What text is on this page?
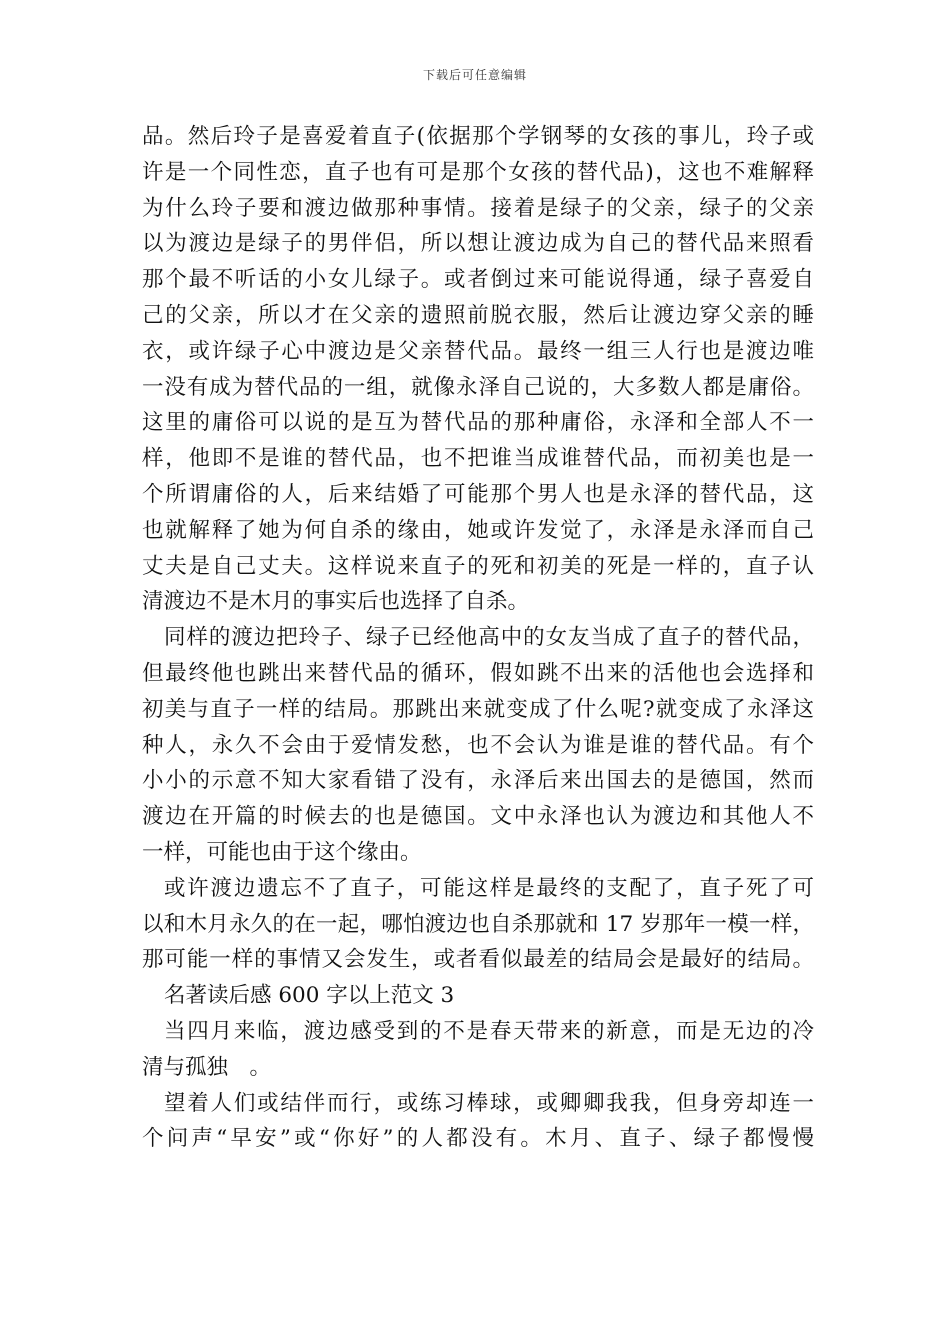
下载后可任意编辑
品。然后玲子是喜爱着直子(依据那个学钢琴的女孩的事儿，玲子或
许是一个同性恋，直子也有可是那个女孩的替代品)，这也不难解释
为什么玲子要和渡边做那种事情。接着是绿子的父亲，绿子的父亲
以为渡边是绿子的男伴侣，所以想让渡边成为自己的替代品来照看
那个最不听话的小女儿绿子。或者倒过来可能说得通，绿子喜爱自
己的父亲，所以才在父亲的遗照前脱衣服，然后让渡边穿父亲的睡
衣，或许绿子心中渡边是父亲替代品。最终一组三人行也是渡边唯
一没有成为替代品的一组，就像永泽自己说的，大多数人都是庸俗。
这里的庸俗可以说的是互为替代品的那种庸俗，永泽和全部人不一
样，他即不是谁的替代品，也不把谁当成谁替代品，而初美也是一
个所谓庸俗的人，后来结婚了可能那个男人也是永泽的替代品，这
也就解释了她为何自杀的缘由，她或许发觉了，永泽是永泽而自己
丈夫是自己丈夫。这样说来直子的死和初美的死是一样的，直子认
清渡边不是木月的事实后也选择了自杀。
同样的渡边把玲子、绿子已经他高中的女友当成了直子的替代品，
但最终他也跳出来替代品的循环，假如跳不出来的活他也会选择和
初美与直子一样的结局。那跳出来就变成了什么呢?就变成了永泽这
种人，永久不会由于爱情发愁，也不会认为谁是谁的替代品。有个
小小的示意不知大家看错了没有，永泽后来出国去的是德国，然而
渡边在开篇的时候去的也是德国。文中永泽也认为渡边和其他人不
一样，可能也由于这个缘由。
或许渡边遗忘不了直子，可能这样是最终的支配了，直子死了可
以和木月永久的在一起，哪怕渡边也自杀那就和 17 岁那年一模一样，
那可能一样的事情又会发生，或者看似最差的结局会是最好的结局。
名著读后感 600 字以上范文 3
当四月来临，渡边感受到的不是春天带来的新意，而是无边的冷
清与孤独　。
望着人们或结伴而行，或练习棒球，或卿卿我我，但身旁却连一
个问声“早安”或“你好”的人都没有。木月、直子、绿子都慢慢
